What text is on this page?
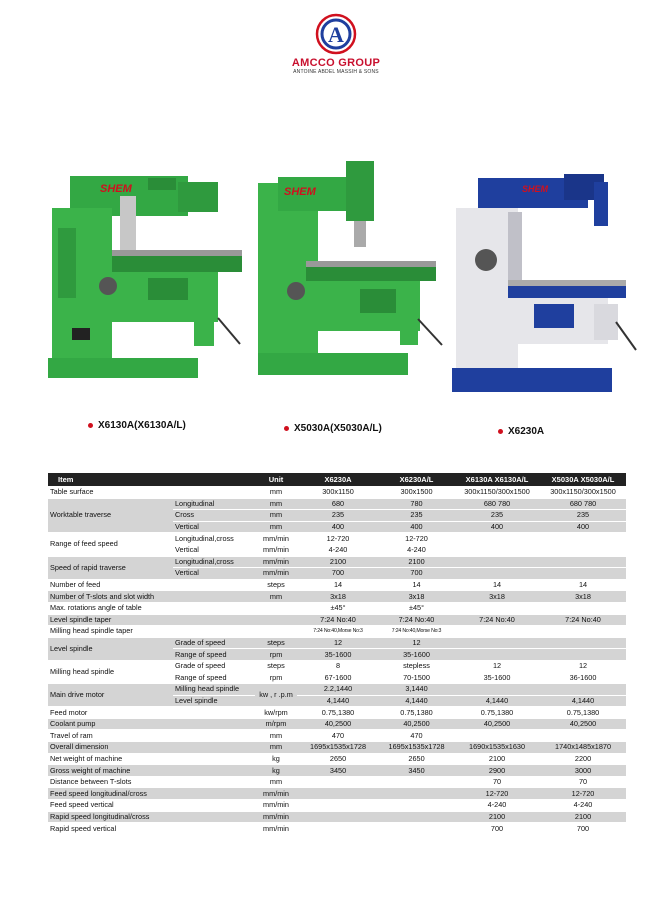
A
AMCCO GROUP
ANTOINE ABDEL MASSIH & SONS
SHEM
X6130A(X6130A/L)
SHEM
X5030A(X5030A/L)
SHEM
X6230A
Item		Unit	X6230A	X6230A/L	X6130A X6130A/L	X5030A X5030A/L
Table surface		mm	300x1150	300x1500	300x1150/300x1500	300x1150/300x1500
Worktable traverse	Longitudinal	mm	680	780	680 780	680 780
	Cross	mm	235	235	235	235
	Vertical	mm	400	400	400	400
Range of feed speed	Longitudinal,cross	mm/min	12-720	12-720		
	Vertical	mm/min	4-240	4-240		
Speed of rapid traverse	Longitudinal,cross	mm/min	2100	2100		
	Vertical	mm/min	700	700		
Number of feed		steps	14	14	14	14
Number of T-slots and slot width		mm	3x18	3x18	3x18	3x18
Max. rotations angle of table			±45°	±45°		
Level spindle taper			7:24 No:40	7:24 No:40	7:24 No:40	7:24 No:40
Milling head spindle taper			7:24 No:40,Morse No:3	7:24 No:40,Morse No:3		
Level spindle	Grade of speed	steps	12	12		
	Range of speed	rpm	35-1600	35-1600		
Milling head spindle	Grade of speed	steps	8	stepless	12	12
	Range of speed	rpm	67-1600	70-1500	35-1600	36-1600
Main drive motor	Milling head spindle	kw , r .p.m	2.2,1440	3,1440		
	Level spindle		4,1440	4,1440	4,1440	4,1440
Feed motor		kw/rpm	0.75,1380	0.75,1380	0.75,1380	0.75,1380
Coolant pump		m/rpm	40,2500	40,2500	40,2500	40,2500
Travel of ram		mm	470	470		
Overall dimension		mm	1695x1535x1728	1695x1535x1728	1690x1535x1630	1740x1485x1870
Net weight of machine		kg	2650	2650	2100	2200
Gross weight of machine		kg	3450	3450	2900	3000
Distance between T-slots		mm			70	70
Feed speed longitudinal/cross		mm/min			12-720	12-720
Feed speed vertical		mm/min			4-240	4-240
Rapid speed longitudinal/cross		mm/min			2100	2100
Rapid speed vertical		mm/min			700	700
